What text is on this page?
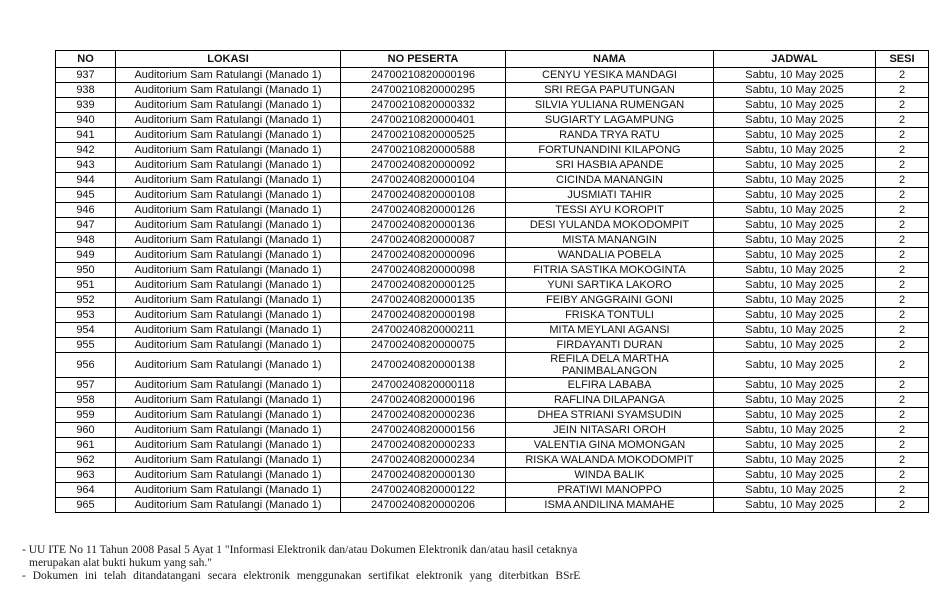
NO	LOKASI	NO PESERTA	NAMA	JADWAL	SESI
937	Auditorium Sam Ratulangi (Manado 1)	24700210820000196	CENYU YESIKA MANDAGI	Sabtu, 10 May 2025	2
938	Auditorium Sam Ratulangi (Manado 1)	24700210820000295	SRI REGA PAPUTUNGAN	Sabtu, 10 May 2025	2
939	Auditorium Sam Ratulangi (Manado 1)	24700210820000332	SILVIA YULIANA RUMENGAN	Sabtu, 10 May 2025	2
940	Auditorium Sam Ratulangi (Manado 1)	24700210820000401	SUGIARTY LAGAMPUNG	Sabtu, 10 May 2025	2
941	Auditorium Sam Ratulangi (Manado 1)	24700210820000525	RANDA TRYA RATU	Sabtu, 10 May 2025	2
942	Auditorium Sam Ratulangi (Manado 1)	24700210820000588	FORTUNANDINI KILAPONG	Sabtu, 10 May 2025	2
943	Auditorium Sam Ratulangi (Manado 1)	24700240820000092	SRI HASBIA APANDE	Sabtu, 10 May 2025	2
944	Auditorium Sam Ratulangi (Manado 1)	24700240820000104	CICINDA MANANGIN	Sabtu, 10 May 2025	2
945	Auditorium Sam Ratulangi (Manado 1)	24700240820000108	JUSMIATI TAHIR	Sabtu, 10 May 2025	2
946	Auditorium Sam Ratulangi (Manado 1)	24700240820000126	TESSI AYU KOROPIT	Sabtu, 10 May 2025	2
947	Auditorium Sam Ratulangi (Manado 1)	24700240820000136	DESI YULANDA MOKODOMPIT	Sabtu, 10 May 2025	2
948	Auditorium Sam Ratulangi (Manado 1)	24700240820000087	MISTA MANANGIN	Sabtu, 10 May 2025	2
949	Auditorium Sam Ratulangi (Manado 1)	24700240820000096	WANDALIA POBELA	Sabtu, 10 May 2025	2
950	Auditorium Sam Ratulangi (Manado 1)	24700240820000098	FITRIA SASTIKA MOKOGINTA	Sabtu, 10 May 2025	2
951	Auditorium Sam Ratulangi (Manado 1)	24700240820000125	YUNI SARTIKA LAKORO	Sabtu, 10 May 2025	2
952	Auditorium Sam Ratulangi (Manado 1)	24700240820000135	FEIBY ANGGRAINI GONI	Sabtu, 10 May 2025	2
953	Auditorium Sam Ratulangi (Manado 1)	24700240820000198	FRISKA TONTULI	Sabtu, 10 May 2025	2
954	Auditorium Sam Ratulangi (Manado 1)	24700240820000211	MITA MEYLANI AGANSI	Sabtu, 10 May 2025	2
955	Auditorium Sam Ratulangi (Manado 1)	24700240820000075	FIRDAYANTI DURAN	Sabtu, 10 May 2025	2
956	Auditorium Sam Ratulangi (Manado 1)	24700240820000138	REFILA DELA MARTHA PANIMBALANGON	Sabtu, 10 May 2025	2
957	Auditorium Sam Ratulangi (Manado 1)	24700240820000118	ELFIRA LABABA	Sabtu, 10 May 2025	2
958	Auditorium Sam Ratulangi (Manado 1)	24700240820000196	RAFLINA DILAPANGA	Sabtu, 10 May 2025	2
959	Auditorium Sam Ratulangi (Manado 1)	24700240820000236	DHEA STRIANI SYAMSUDIN	Sabtu, 10 May 2025	2
960	Auditorium Sam Ratulangi (Manado 1)	24700240820000156	JEIN NITASARI OROH	Sabtu, 10 May 2025	2
961	Auditorium Sam Ratulangi (Manado 1)	24700240820000233	VALENTIA GINA MOMONGAN	Sabtu, 10 May 2025	2
962	Auditorium Sam Ratulangi (Manado 1)	24700240820000234	RISKA WALANDA MOKODOMPIT	Sabtu, 10 May 2025	2
963	Auditorium Sam Ratulangi (Manado 1)	24700240820000130	WINDA BALIK	Sabtu, 10 May 2025	2
964	Auditorium Sam Ratulangi (Manado 1)	24700240820000122	PRATIWI MANOPPO	Sabtu, 10 May 2025	2
965	Auditorium Sam Ratulangi (Manado 1)	24700240820000206	ISMA ANDILINA MAMAHE	Sabtu, 10 May 2025	2
- UU ITE No 11 Tahun 2008 Pasal 5 Ayat 1 "Informasi Elektronik dan/atau Dokumen Elektronik dan/atau hasil cetaknya
merupakan alat bukti hukum yang sah."
- Dokumen ini telah ditandatangani secara elektronik menggunakan sertifikat elektronik yang diterbitkan BSrE
